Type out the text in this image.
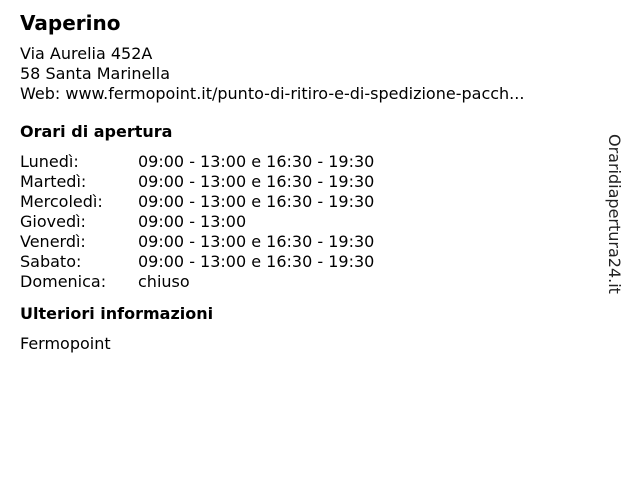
Vaperino
Via Aurelia 452A
58 Santa Marinella
Web: www.fermopoint.it/punto-di-ritiro-e-di-spedizione-pacch...
Orari di apertura
Lunedì:	09:00 - 13:00 e 16:30 - 19:30
Martedì:	09:00 - 13:00 e 16:30 - 19:30
Mercoledì:	09:00 - 13:00 e 16:30 - 19:30
Giovedì:	09:00 - 13:00
Venerdì:	09:00 - 13:00 e 16:30 - 19:30
Sabato:	09:00 - 13:00 e 16:30 - 19:30
Domenica:	chiuso
Ulteriori informazioni
Fermopoint
Oraridiapertura24.it
